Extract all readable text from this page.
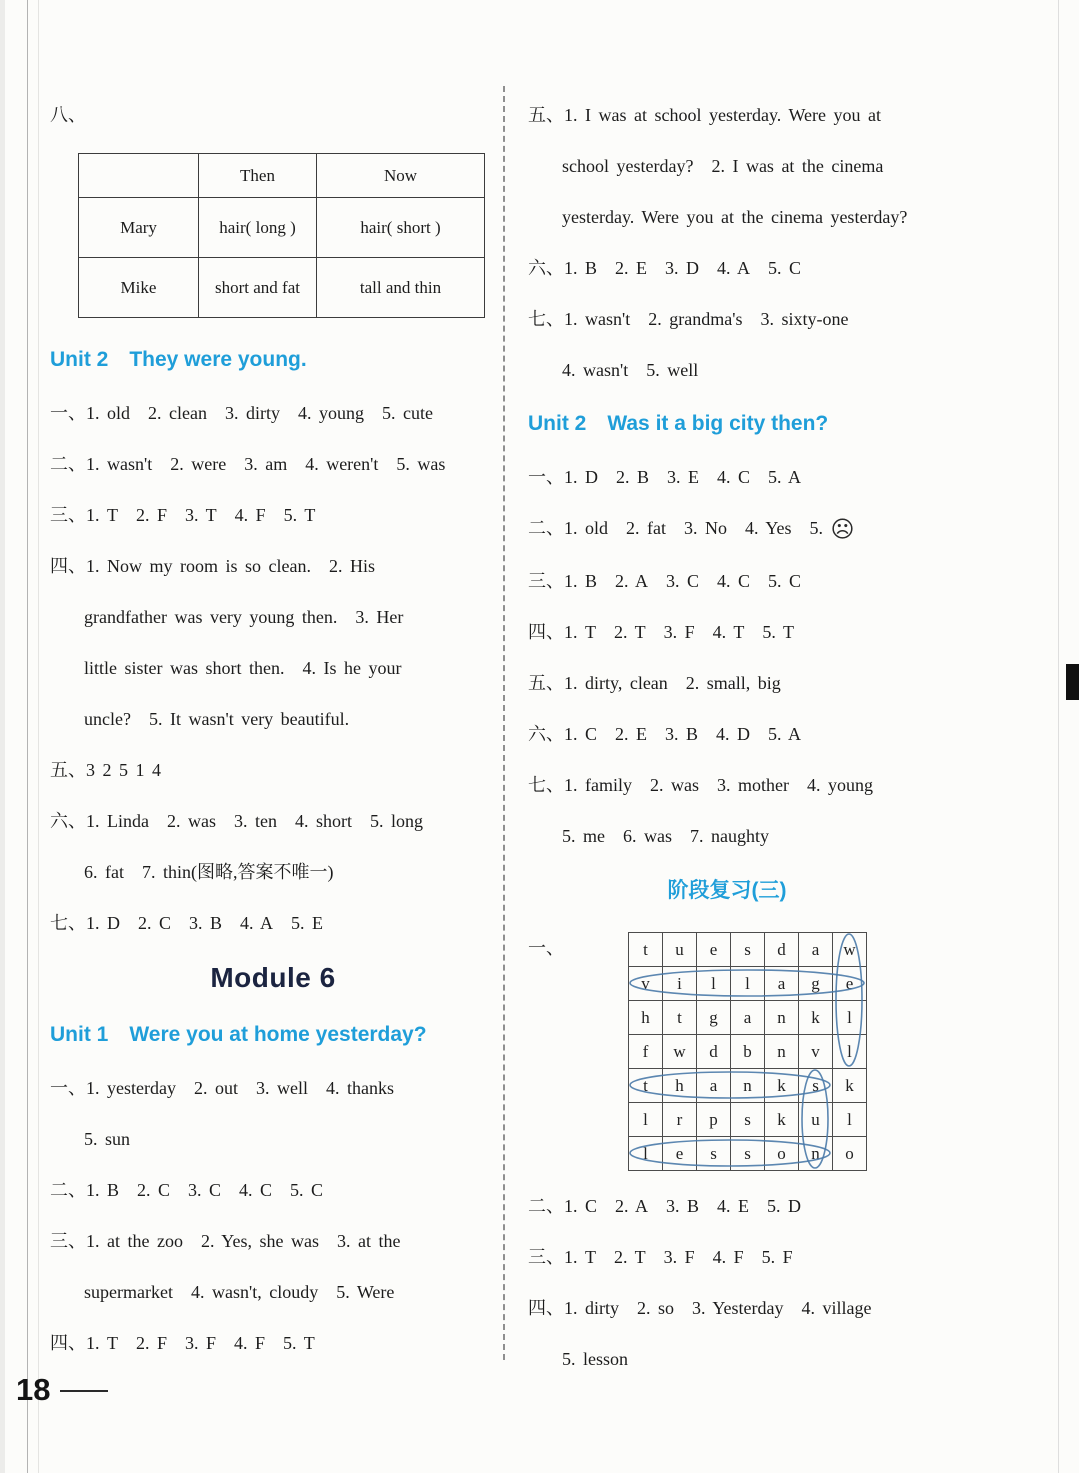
八、
	Then	Now
Mary	hair( long )	hair( short )
Mike	short and fat	tall and thin
Unit 2　They were young.
一、1. old 2. clean 3. dirty 4. young 5. cute
二、1. wasn't 2. were 3. am 4. weren't 5. was
三、1. T 2. F 3. T 4. F 5. T
四、1. Now my room is so clean. 2. His
grandfather was very young then. 3. Her
little sister was short then. 4. Is he your
uncle? 5. It wasn't very beautiful.
五、3 2 5 1 4
六、1. Linda 2. was 3. ten 4. short 5. long
6. fat 7. thin(图略,答案不唯一)
七、1. D 2. C 3. B 4. A 5. E
Module 6
Unit 1　Were you at home yesterday?
一、1. yesterday 2. out 3. well 4. thanks
5. sun
二、1. B 2. C 3. C 4. C 5. C
三、1. at the zoo 2. Yes, she was 3. at the
supermarket 4. wasn't, cloudy 5. Were
四、1. T 2. F 3. F 4. F 5. T
五、1. I was at school yesterday. Were you at
school yesterday? 2. I was at the cinema
yesterday. Were you at the cinema yesterday?
六、1. B 2. E 3. D 4. A 5. C
七、1. wasn't 2. grandma's 3. sixty-one
4. wasn't 5. well
Unit 2　Was it a big city then?
一、1. D 2. B 3. E 4. C 5. A
二、1. old 2. fat 3. No 4. Yes 5. ☹
三、1. B 2. A 3. C 4. C 5. C
四、1. T 2. T 3. F 4. T 5. T
五、1. dirty, clean 2. small, big
六、1. C 2. E 3. B 4. D 5. A
七、1. family 2. was 3. mother 4. young
5. me 6. was 7. naughty
阶段复习(三)
一、	t	u	e	s	d	a	w
v	i	l	l	a	g	e
h	t	g	a	n	k	l
f	w	d	b	n	v	l
t	h	a	n	k	s	k
l	r	p	s	k	u	l
l	e	s	s	o	n	o
二、1. C 2. A 3. B 4. E 5. D
三、1. T 2. T 3. F 4. F 5. F
四、1. dirty 2. so 3. Yesterday 4. village
5. lesson
18
